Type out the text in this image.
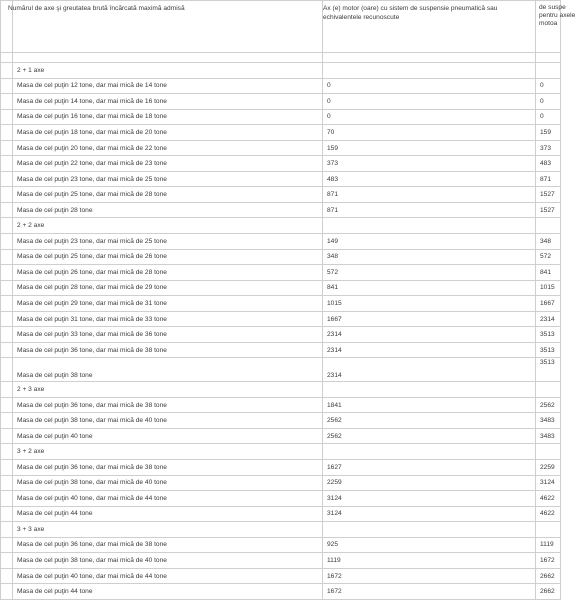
	Numărul de axe şi greutatea brută încărcată maximă admisă	Ax (e) motor (oare) cu sistem de suspensie pneumatică sau echivalentele recunoscute	de suspe pentru axele motoa

	2 + 1 axe		
	Masa de cel puţin 12 tone, dar mai mică de 14 tone	0	0
	Masa de cel puţin 14 tone, dar mai mică de 16 tone	0	0
	Masa de cel puţin 16 tone, dar mai mică de 18 tone	0	0
	Masa de cel puţin 18 tone, dar mai mică de 20 tone	70	159
	Masa de cel puţin 20 tone, dar mai mică de 22 tone	159	373
	Masa de cel puţin 22 tone, dar mai mică de 23 tone	373	483
	Masa de cel puţin 23 tone, dar mai mică de 25 tone	483	871
	Masa de cel puţin 25 tone, dar mai mică de 28 tone	871	1527
	Masa de cel puţin 28 tone	871	1527
	2 + 2 axe		
	Masa de cel puţin 23 tone, dar mai mică de 25 tone	149	348
	Masa de cel puţin 25 tone, dar mai mică de 26 tone	348	572
	Masa de cel puţin 26 tone, dar mai mică de 28 tone	572	841
	Masa de cel puţin 28 tone, dar mai mică de 29 tone	841	1015
	Masa de cel puţin 29 tone, dar mai mică de 31 tone	1015	1667
	Masa de cel puţin 31 tone, dar mai mică de 33 tone	1667	2314
	Masa de cel puţin 33 tone, dar mai mică de 36 tone	2314	3513
	Masa de cel puţin 36 tone, dar mai mică de 38 tone	2314	3513
	Masa de cel puţin 38 tone	2314	3513
	2 + 3 axe		
	Masa de cel puţin 36 tone, dar mai mică de 38 tone	1841	2562
	Masa de cel puţin 38 tone, dar mai mică de 40 tone	2562	3483
	Masa de cel puţin 40 tone	2562	3483
	3 + 2 axe		
	Masa de cel puţin 36 tone, dar mai mică de 38 tone	1627	2259
	Masa de cel puţin 38 tone, dar mai mică de 40 tone	2259	3124
	Masa de cel puţin 40 tone, dar mai mică de 44 tone	3124	4622
	Masa de cel puţin 44 tone	3124	4622
	3 + 3 axe		
	Masa de cel puţin 36 tone, dar mai mică de 38 tone	925	1119
	Masa de cel puţin 38 tone, dar mai mică de 40 tone	1119	1672
	Masa de cel puţin 40 tone, dar mai mică de 44 tone	1672	2662
	Masa de cel puţin 44 tone	1672	2662
